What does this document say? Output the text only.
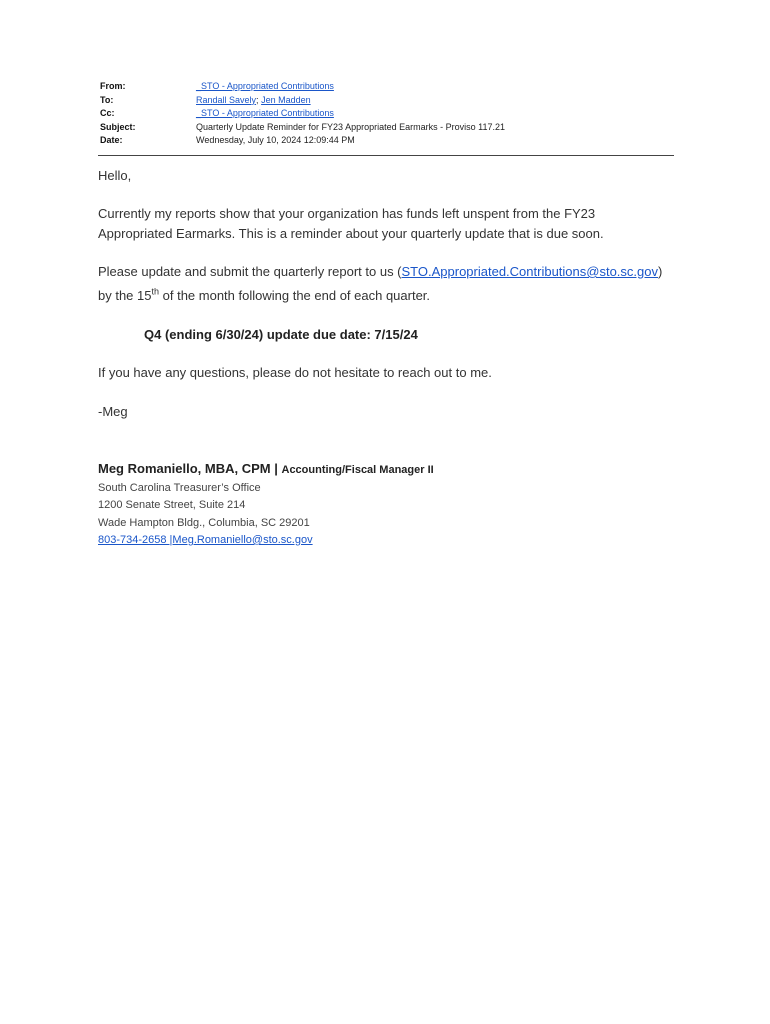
From:	_STO - Appropriated Contributions
To:	Randall Savely; Jen Madden
Cc:	_STO - Appropriated Contributions
Subject:	Quarterly Update Reminder for FY23 Appropriated Earmarks - Proviso 117.21
Date:	Wednesday, July 10, 2024 12:09:44 PM
Hello,
Currently my reports show that your organization has funds left unspent from the FY23
Appropriated Earmarks. This is a reminder about your quarterly update that is due soon.
Please update and submit the quarterly report to us (STO.Appropriated.Contributions@sto.sc.gov)
by the 15th of the month following the end of each quarter.
Q4 (ending 6/30/24) update due date: 7/15/24
If you have any questions, please do not hesitate to reach out to me.
-Meg
Meg Romaniello, MBA, CPM | Accounting/Fiscal Manager II
South Carolina Treasurer’s Office
1200 Senate Street, Suite 214
Wade Hampton Bldg., Columbia, SC 29201
803-734-2658 |Meg.Romaniello@sto.sc.gov
